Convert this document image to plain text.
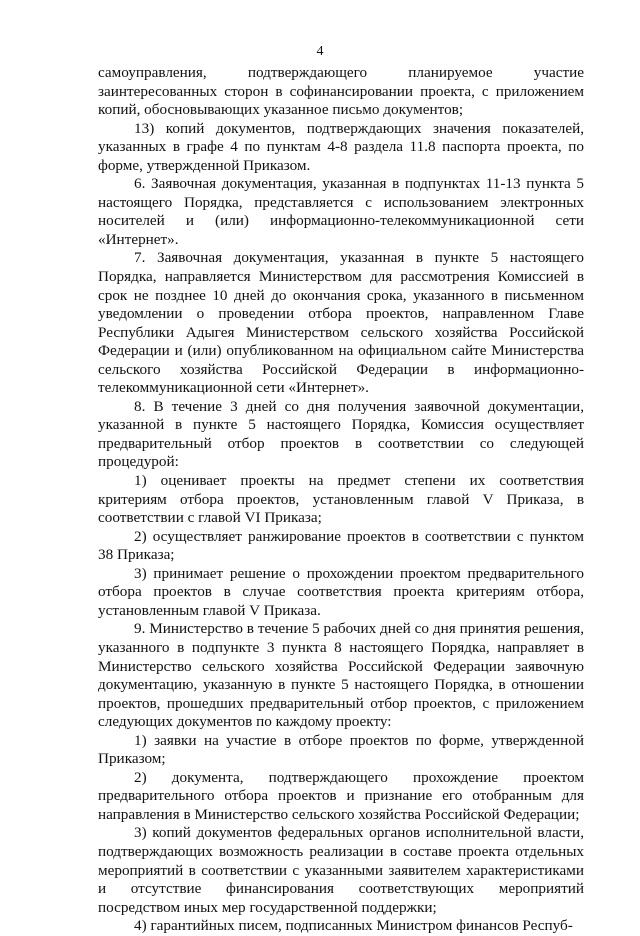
4

самоуправления, подтверждающего планируемое участие заинтересованных сторон в софинансировании проекта, с приложением копий, обосновывающих указанное письмо документов;

13) копий документов, подтверждающих значения показателей, указанных в графе 4 по пунктам 4-8 раздела 11.8 паспорта проекта, по форме, утвержденной Приказом.

6. Заявочная документация, указанная в подпунктах 11-13 пункта 5 настоящего Порядка, представляется с использованием электронных носителей и (или) информационно-телекоммуникационной сети «Интернет».

7. Заявочная документация, указанная в пункте 5 настоящего Порядка, направляется Министерством для рассмотрения Комиссией в срок не позднее 10 дней до окончания срока, указанного в письменном уведомлении о проведении отбора проектов, направленном Главе Республики Адыгея Министерством сельского хозяйства Российской Федерации и (или) опубликованном на официальном сайте Министерства сельского хозяйства Российской Федерации в информационно-телекоммуникационной сети «Интернет».

8. В течение 3 дней со дня получения заявочной документации, указанной в пункте 5 настоящего Порядка, Комиссия осуществляет предварительный отбор проектов в соответствии со следующей процедурой:

1) оценивает проекты на предмет степени их соответствия критериям отбора проектов, установленным главой V Приказа, в соответствии с главой VI Приказа;

2) осуществляет ранжирование проектов в соответствии с пунктом 38 Приказа;

3) принимает решение о прохождении проектом предварительного отбора проектов в случае соответствия проекта критериям отбора, установленным главой V Приказа.

9. Министерство в течение 5 рабочих дней со дня принятия решения, указанного в подпункте 3 пункта 8 настоящего Порядка, направляет в Министерство сельского хозяйства Российской Федерации заявочную документацию, указанную в пункте 5 настоящего Порядка, в отношении проектов, прошедших предварительный отбор проектов, с приложением следующих документов по каждому проекту:

1) заявки на участие в отборе проектов по форме, утвержденной Приказом;

2) документа, подтверждающего прохождение проектом предварительного отбора проектов и признание его отобранным для направления в Министерство сельского хозяйства Российской Федерации;

3) копий документов федеральных органов исполнительной власти, подтверждающих возможность реализации в составе проекта отдельных мероприятий в соответствии с указанными заявителем характеристиками и отсутствие финансирования соответствующих мероприятий посредством иных мер государственной поддержки;

4) гарантийных писем, подписанных Министром финансов Респуб-
